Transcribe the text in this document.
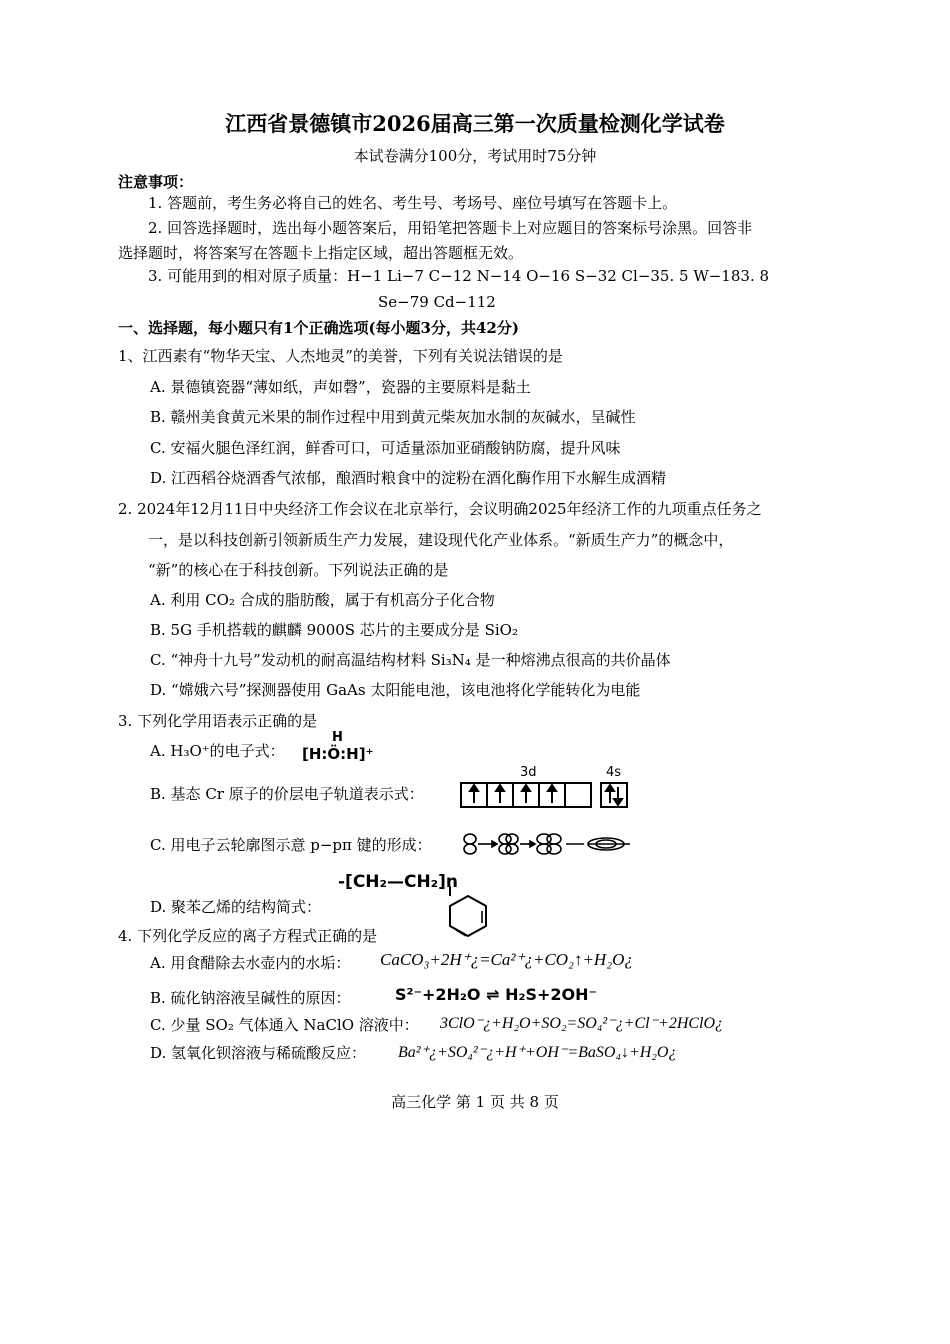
江西省景德镇市2026届高三第一次质量检测化学试卷
本试卷满分100分，考试用时75分钟
注意事项：
1. 答题前，考生务必将自己的姓名、考生号、考场号、座位号填写在答题卡上。
2. 回答选择题时，选出每小题答案后，用铅笔把答题卡上对应题目的答案标号涂黑。回答非
选择题时，将答案写在答题卡上指定区域，超出答题框无效。
3. 可能用到的相对原子质量：H−1 Li−7 C−12 N−14 O−16 S−32 Cl−35. 5 W−183. 8
Se−79 Cd−112
一、选择题，每小题只有1个正确选项(每小题3分，共42分)
1、江西素有“物华天宝、人杰地灵”的美誉，下列有关说法错误的是
A. 景德镇瓷器“薄如纸，声如磬”，瓷器的主要原料是黏土
B. 赣州美食黄元米果的制作过程中用到黄元柴灰加水制的灰碱水，呈碱性
C. 安福火腿色泽红润，鲜香可口，可适量添加亚硝酸钠防腐，提升风味
D. 江西稻谷烧酒香气浓郁，酿酒时粮食中的淀粉在酒化酶作用下水解生成酒精
2. 2024年12月11日中央经济工作会议在北京举行，会议明确2025年经济工作的九项重点任务之
一，是以科技创新引领新质生产力发展，建设现代化产业体系。“新质生产力”的概念中，
“新”的核心在于科技创新。下列说法正确的是
A. 利用 CO₂ 合成的脂肪酸，属于有机高分子化合物
B. 5G 手机搭载的麒麟 9000S 芯片的主要成分是 SiO₂
C. “神舟十九号”发动机的耐高温结构材料 Si₃N₄ 是一种熔沸点很高的共价晶体
D. “嫦娥六号”探测器使用 GaAs 太阳能电池，该电池将化学能转化为电能
3. 下列化学用语表示正确的是
A. H₃O⁺的电子式：
H
[H:Ö:H]⁺
B. 基态 Cr 原子的价层电子轨道表示式：
3d	4s
C. 用电子云轮廓图示意 p−pπ 键的形成：
D. 聚苯乙烯的结构简式：
-[CH₂—CH₂]n
4. 下列化学反应的离子方程式正确的是
A. 用食醋除去水壶内的水垢： CaCO₃+2H⁺¿=Ca²⁺¿+CO₂↑+H₂O¿
B. 硫化钠溶液呈碱性的原因：	S²⁻+2H₂O ⇌ H₂S+2OH⁻
C. 少量 SO₂ 气体通入 NaClO 溶液中： 3ClO⁻¿+H₂O+SO₂=SO₄²⁻¿+Cl⁻+2HClO¿
D. 氢氧化钡溶液与稀硫酸反应： Ba²⁺¿+SO₄²⁻¿+H⁺+OH⁻=BaSO₄↓+H₂O¿
高三化学 第 1 页 共 8 页
